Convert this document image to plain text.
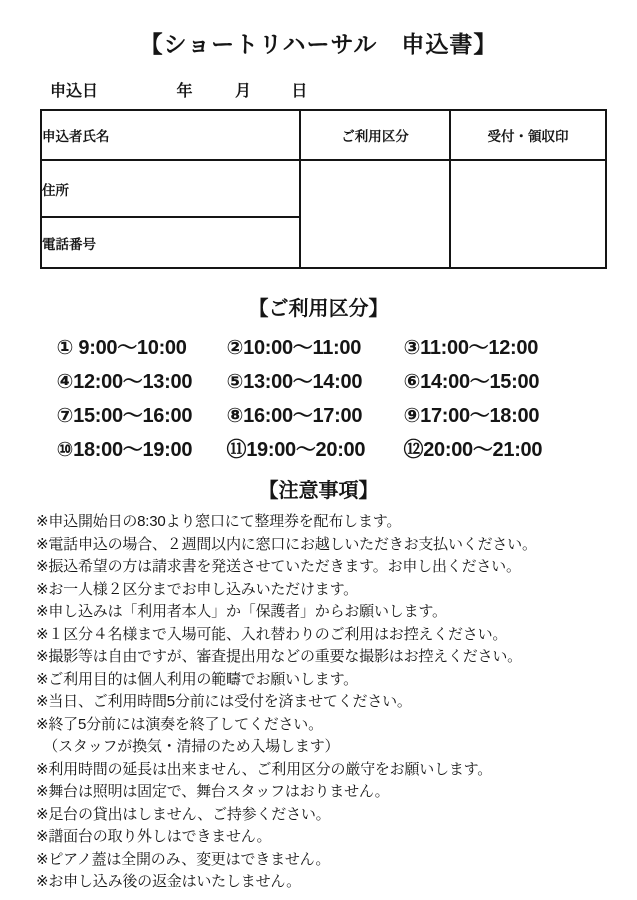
【ショートリハーサル　申込書】
申込日	年	月	日
申込者氏名	ご利用区分	受付・領収印
住所		
電話番号		
【ご利用区分】
① 9:00〜10:00	②10:00〜11:00	③11:00〜12:00
④12:00〜13:00	⑤13:00〜14:00	⑥14:00〜15:00
⑦15:00〜16:00	⑧16:00〜17:00	⑨17:00〜18:00
⑩18:00〜19:00	⑪19:00〜20:00	⑫20:00〜21:00
【注意事項】
※申込開始日の8:30より窓口にて整理券を配布します。
※電話申込の場合、２週間以内に窓口にお越しいただきお支払いください。
※振込希望の方は請求書を発送させていただきます。お申し出ください。
※お一人様２区分までお申し込みいただけます。
※申し込みは「利用者本人」か「保護者」からお願いします。
※１区分４名様まで入場可能、入れ替わりのご利用はお控えください。
※撮影等は自由ですが、審査提出用などの重要な撮影はお控えください。
※ご利用目的は個人利用の範疇でお願いします。
※当日、ご利用時間5分前には受付を済ませてください。
※終了5分前には演奏を終了してください。
　（スタッフが換気・清掃のため入場します）
※利用時間の延長は出来ません、ご利用区分の厳守をお願いします。
※舞台は照明は固定で、舞台スタッフはおりません。
※足台の貸出はしません、ご持参ください。
※譜面台の取り外しはできません。
※ピアノ蓋は全開のみ、変更はできません。
※お申し込み後の返金はいたしません。
